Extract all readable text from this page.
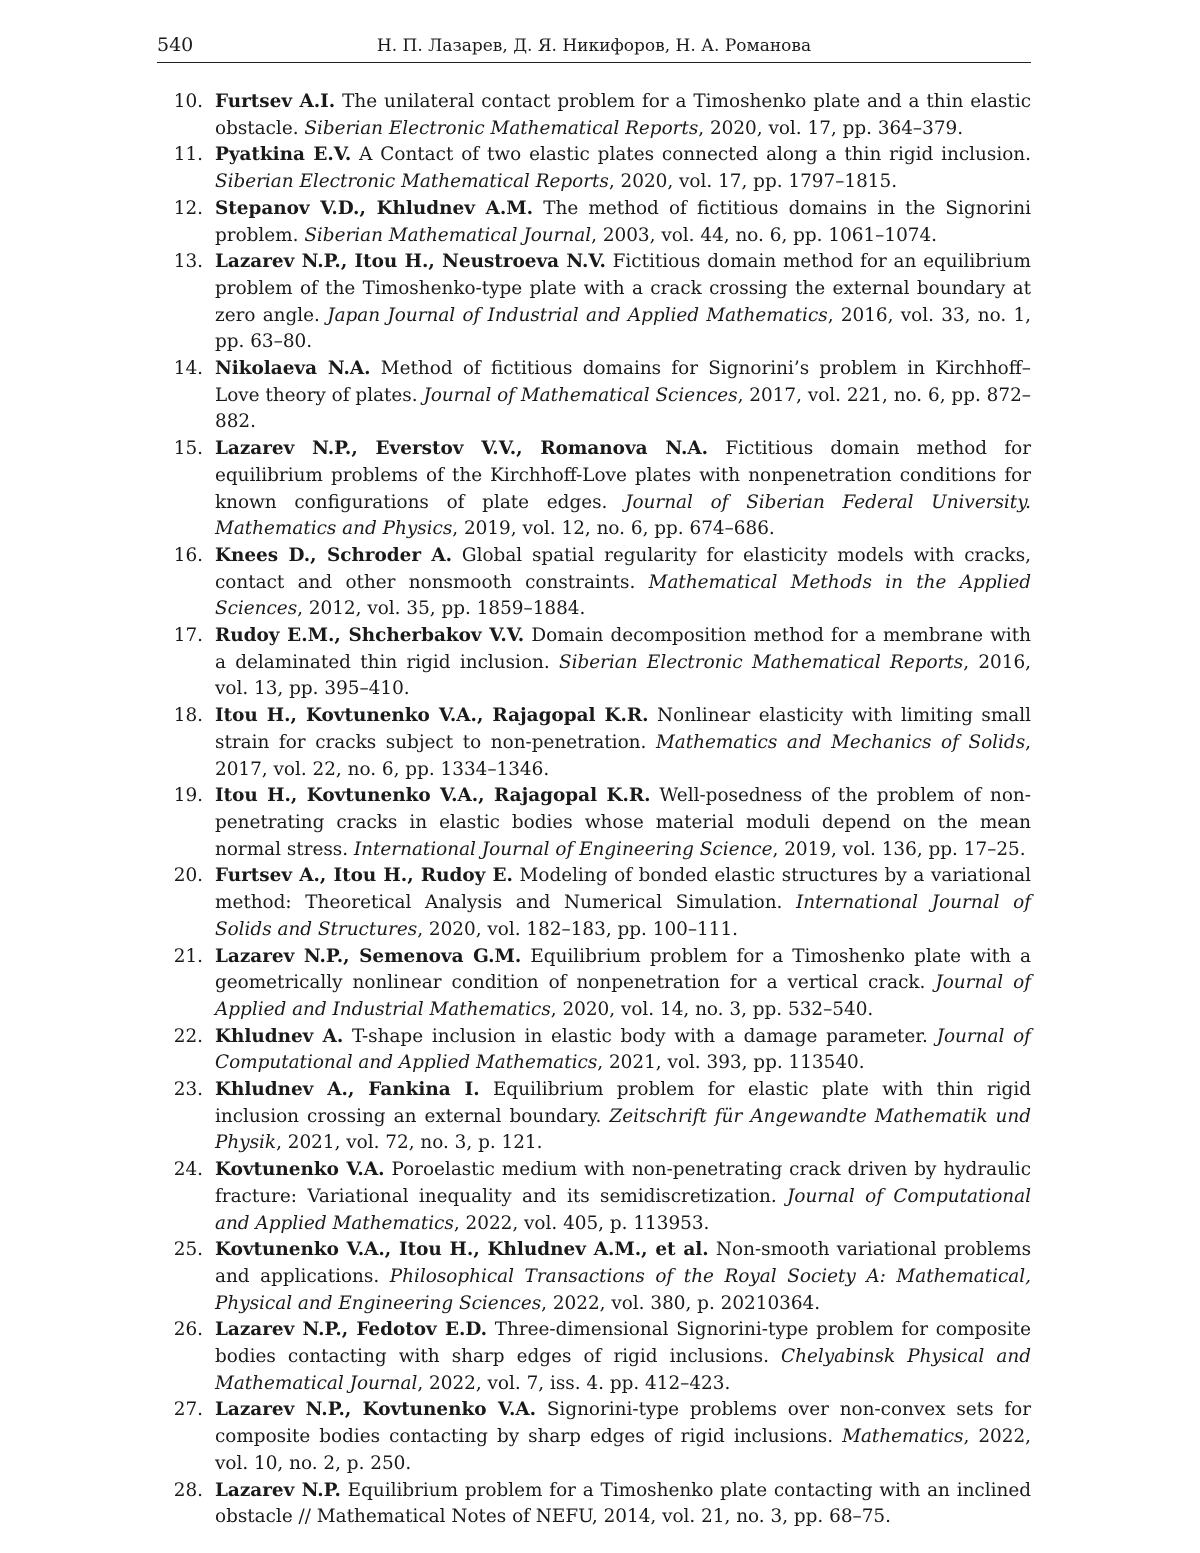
540	Н. П. Лазарев, Д. Я. Никифоров, Н. А. Романова
10. Furtsev A.I. The unilateral contact problem for a Timoshenko plate and a thin elastic obstacle. Siberian Electronic Mathematical Reports, 2020, vol. 17, pp. 364–379.
11. Pyatkina E.V. A Contact of two elastic plates connected along a thin rigid inclusion. Siberian Electronic Mathematical Reports, 2020, vol. 17, pp. 1797–1815.
12. Stepanov V.D., Khludnev A.M. The method of fictitious domains in the Signorini problem. Siberian Mathematical Journal, 2003, vol. 44, no. 6, pp. 1061–1074.
13. Lazarev N.P., Itou H., Neustroeva N.V. Fictitious domain method for an equilibrium problem of the Timoshenko-type plate with a crack crossing the external boundary at zero angle. Japan Journal of Industrial and Applied Mathematics, 2016, vol. 33, no. 1, pp. 63–80.
14. Nikolaeva N.A. Method of fictitious domains for Signorini’s problem in Kirchhoff–Love theory of plates. Journal of Mathematical Sciences, 2017, vol. 221, no. 6, pp. 872–882.
15. Lazarev N.P., Everstov V.V., Romanova N.A. Fictitious domain method for equilibrium problems of the Kirchhoff-Love plates with nonpenetration conditions for known configurations of plate edges. Journal of Siberian Federal University. Mathematics and Physics, 2019, vol. 12, no. 6, pp. 674–686.
16. Knees D., Schroder A. Global spatial regularity for elasticity models with cracks, contact and other nonsmooth constraints. Mathematical Methods in the Applied Sciences, 2012, vol. 35, pp. 1859–1884.
17. Rudoy E.M., Shcherbakov V.V. Domain decomposition method for a membrane with a delaminated thin rigid inclusion. Siberian Electronic Mathematical Reports, 2016, vol. 13, pp. 395–410.
18. Itou H., Kovtunenko V.A., Rajagopal K.R. Nonlinear elasticity with limiting small strain for cracks subject to non-penetration. Mathematics and Mechanics of Solids, 2017, vol. 22, no. 6, pp. 1334–1346.
19. Itou H., Kovtunenko V.A., Rajagopal K.R. Well-posedness of the problem of non-penetrating cracks in elastic bodies whose material moduli depend on the mean normal stress. International Journal of Engineering Science, 2019, vol. 136, pp. 17–25.
20. Furtsev A., Itou H., Rudoy E. Modeling of bonded elastic structures by a variational method: Theoretical Analysis and Numerical Simulation. International Journal of Solids and Structures, 2020, vol. 182–183, pp. 100–111.
21. Lazarev N.P., Semenova G.M. Equilibrium problem for a Timoshenko plate with a geometrically nonlinear condition of nonpenetration for a vertical crack. Journal of Applied and Industrial Mathematics, 2020, vol. 14, no. 3, pp. 532–540.
22. Khludnev A. T-shape inclusion in elastic body with a damage parameter. Journal of Computational and Applied Mathematics, 2021, vol. 393, pp. 113540.
23. Khludnev A., Fankina I. Equilibrium problem for elastic plate with thin rigid inclusion crossing an external boundary. Zeitschrift für Angewandte Mathematik und Physik, 2021, vol. 72, no. 3, p. 121.
24. Kovtunenko V.A. Poroelastic medium with non-penetrating crack driven by hydraulic fracture: Variational inequality and its semidiscretization. Journal of Computational and Applied Mathematics, 2022, vol. 405, p. 113953.
25. Kovtunenko V.A., Itou H., Khludnev A.M., et al. Non-smooth variational problems and applications. Philosophical Transactions of the Royal Society A: Mathematical, Physical and Engineering Sciences, 2022, vol. 380, p. 20210364.
26. Lazarev N.P., Fedotov E.D. Three-dimensional Signorini-type problem for composite bodies contacting with sharp edges of rigid inclusions. Chelyabinsk Physical and Mathematical Journal, 2022, vol. 7, iss. 4. pp. 412–423.
27. Lazarev N.P., Kovtunenko V.A. Signorini-type problems over non-convex sets for composite bodies contacting by sharp edges of rigid inclusions. Mathematics, 2022, vol. 10, no. 2, p. 250.
28. Lazarev N.P. Equilibrium problem for a Timoshenko plate contacting with an inclined obstacle // Mathematical Notes of NEFU, 2014, vol. 21, no. 3, pp. 68–75.
